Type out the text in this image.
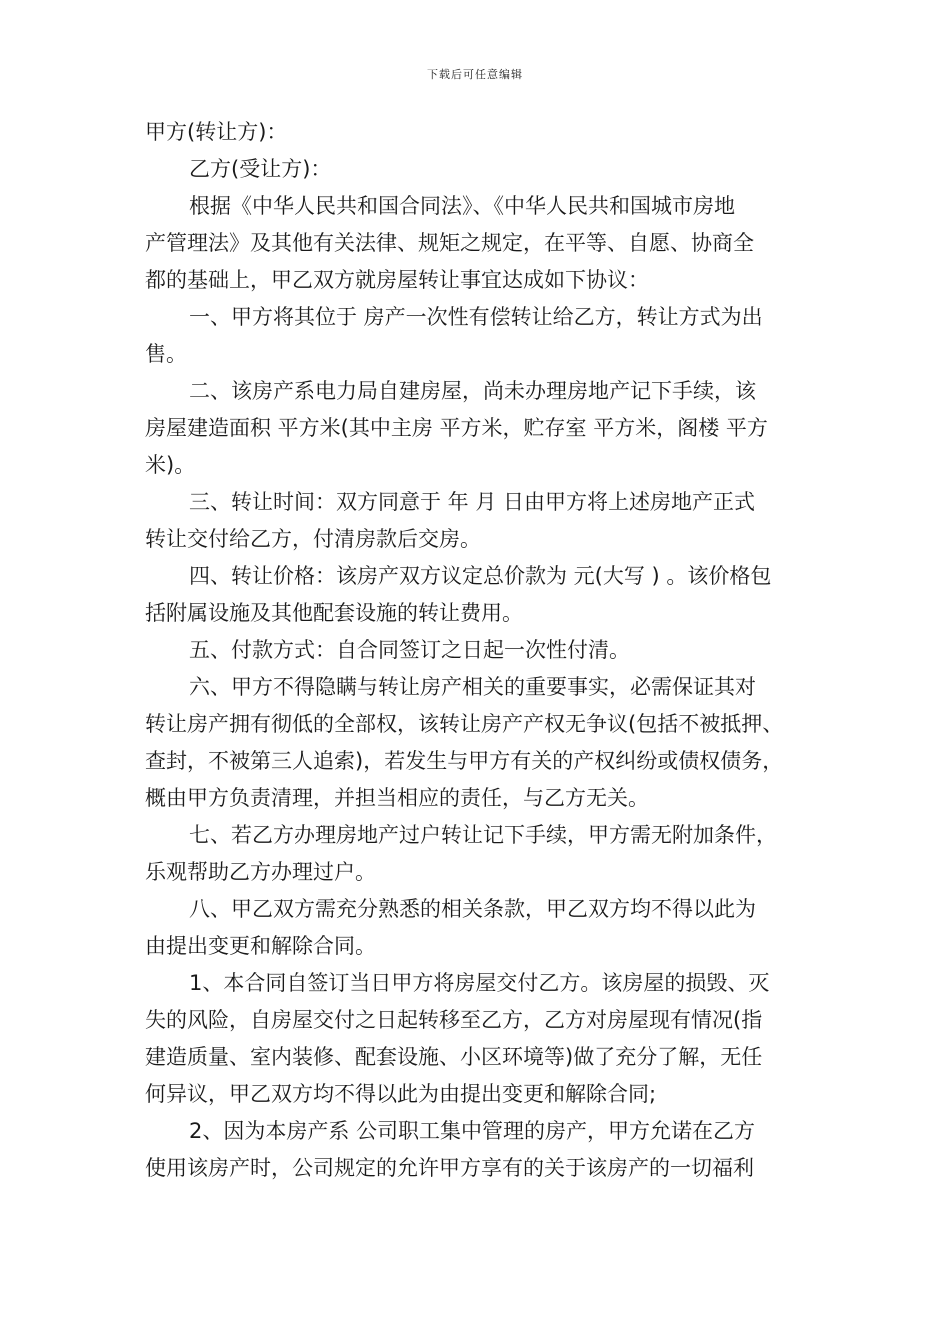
下载后可任意编辑
甲方(转让方)：
乙方(受让方)：
根据《中华人民共和国合同法》、《中华人民共和国城市房地
产管理法》及其他有关法律、规矩之规定，在平等、自愿、协商全
都的基础上，甲乙双方就房屋转让事宜达成如下协议：
一、甲方将其位于 房产一次性有偿转让给乙方，转让方式为出
售。
二、该房产系电力局自建房屋，尚未办理房地产记下手续，该
房屋建造面积 平方米(其中主房 平方米，贮存室 平方米，阁楼 平方
米)。
三、转让时间：双方同意于 年 月 日由甲方将上述房地产正式
转让交付给乙方，付清房款后交房。
四、转让价格：该房产双方议定总价款为 元(大写 ) 。该价格包
括附属设施及其他配套设施的转让费用。
五、付款方式：自合同签订之日起一次性付清。
六、甲方不得隐瞒与转让房产相关的重要事实，必需保证其对
转让房产拥有彻低的全部权，该转让房产产权无争议(包括不被抵押、
查封，不被第三人追索)，若发生与甲方有关的产权纠纷或债权债务，
概由甲方负责清理，并担当相应的责任，与乙方无关。
七、若乙方办理房地产过户转让记下手续，甲方需无附加条件，
乐观帮助乙方办理过户。
八、甲乙双方需充分熟悉的相关条款，甲乙双方均不得以此为
由提出变更和解除合同。
1、本合同自签订当日甲方将房屋交付乙方。该房屋的损毁、灭
失的风险，自房屋交付之日起转移至乙方，乙方对房屋现有情况(指
建造质量、室内装修、配套设施、小区环境等)做了充分了解，无任
何异议，甲乙双方均不得以此为由提出变更和解除合同;
2、因为本房产系 公司职工集中管理的房产，甲方允诺在乙方
使用该房产时，公司规定的允许甲方享有的关于该房产的一切福利
